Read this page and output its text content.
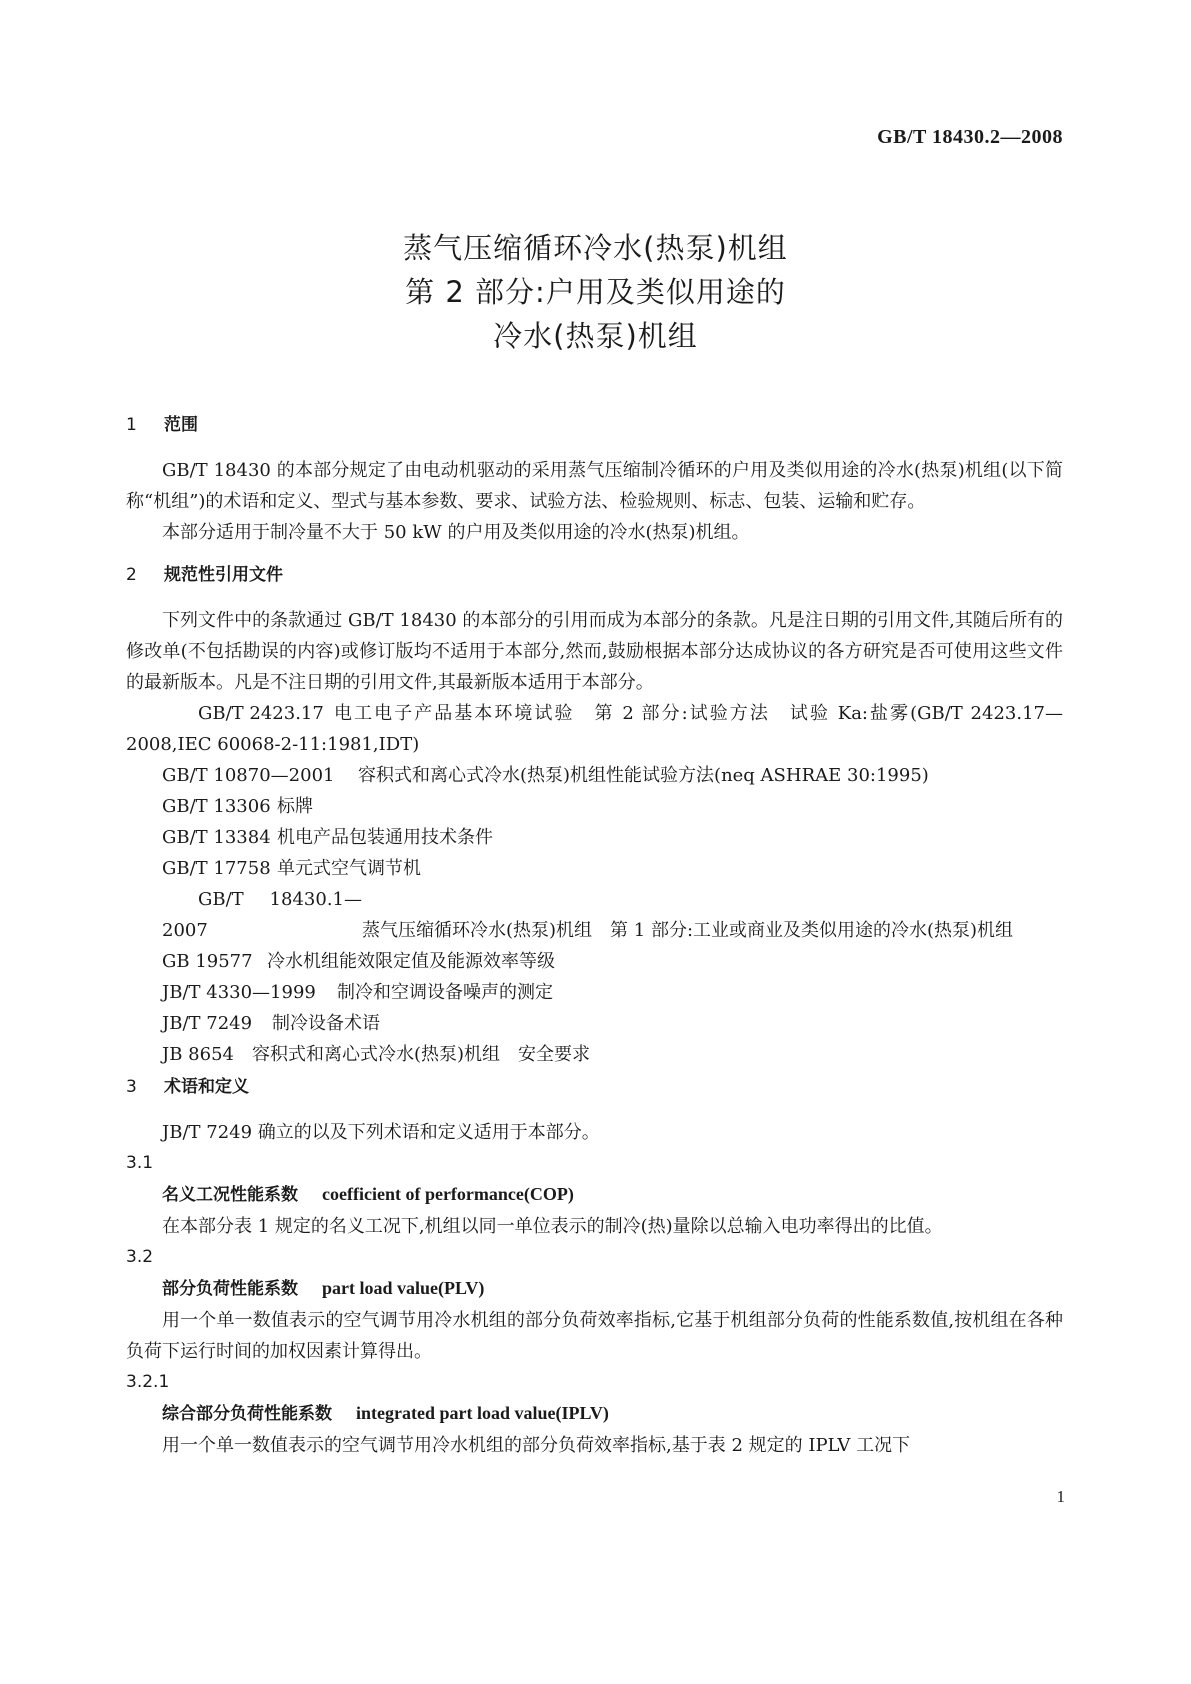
GB/T 18430.2—2008
蒸气压缩循环冷水(热泵)机组
第 2 部分:户用及类似用途的
冷水(热泵)机组
1 范围

GB/T 18430 的本部分规定了由电动机驱动的采用蒸气压缩制冷循环的户用及类似用途的冷水(热泵)机组(以下简称“机组”)的术语和定义、型式与基本参数、要求、试验方法、检验规则、标志、包装、运输和贮存。

本部分适用于制冷量不大于 50 kW 的户用及类似用途的冷水(热泵)机组。

2 规范性引用文件

下列文件中的条款通过 GB/T 18430 的本部分的引用而成为本部分的条款。凡是注日期的引用文件,其随后所有的修改单(不包括勘误的内容)或修订版均不适用于本部分,然而,鼓励根据本部分达成协议的各方研究是否可使用这些文件的最新版本。凡是不注日期的引用文件,其最新版本适用于本部分。

GB/T 2423.17 电工电子产品基本环境试验　第 2 部分:试验方法　试验 Ka:盐雾(GB/T 2423.17—2008,IEC 60068-2-11:1981,IDT)

GB/T 10870—2001 容积式和离心式冷水(热泵)机组性能试验方法(neq ASHRAE 30:1995)

GB/T 13306 标牌

GB/T 13384 机电产品包装通用技术条件

GB/T 17758 单元式空气调节机

GB/T 18430.1—2007	蒸气压缩循环冷水(热泵)机组　第 1 部分:工业或商业及类似用途的冷水(热泵)机组

GB 19577 冷水机组能效限定值及能源效率等级

JB/T 4330—1999 制冷和空调设备噪声的测定

JB/T 7249 制冷设备术语

JB 8654 容积式和离心式冷水(热泵)机组　安全要求

3 术语和定义

JB/T 7249 确立的以及下列术语和定义适用于本部分。

3.1

名义工况性能系数 coefficient of performance(COP)

在本部分表 1 规定的名义工况下,机组以同一单位表示的制冷(热)量除以总输入电功率得出的比值。

3.2

部分负荷性能系数 part load value(PLV)

用一个单一数值表示的空气调节用冷水机组的部分负荷效率指标,它基于机组部分负荷的性能系数值,按机组在各种负荷下运行时间的加权因素计算得出。

3.2.1

综合部分负荷性能系数 integrated part load value(IPLV)

用一个单一数值表示的空气调节用冷水机组的部分负荷效率指标,基于表 2 规定的 IPLV 工况下

1
